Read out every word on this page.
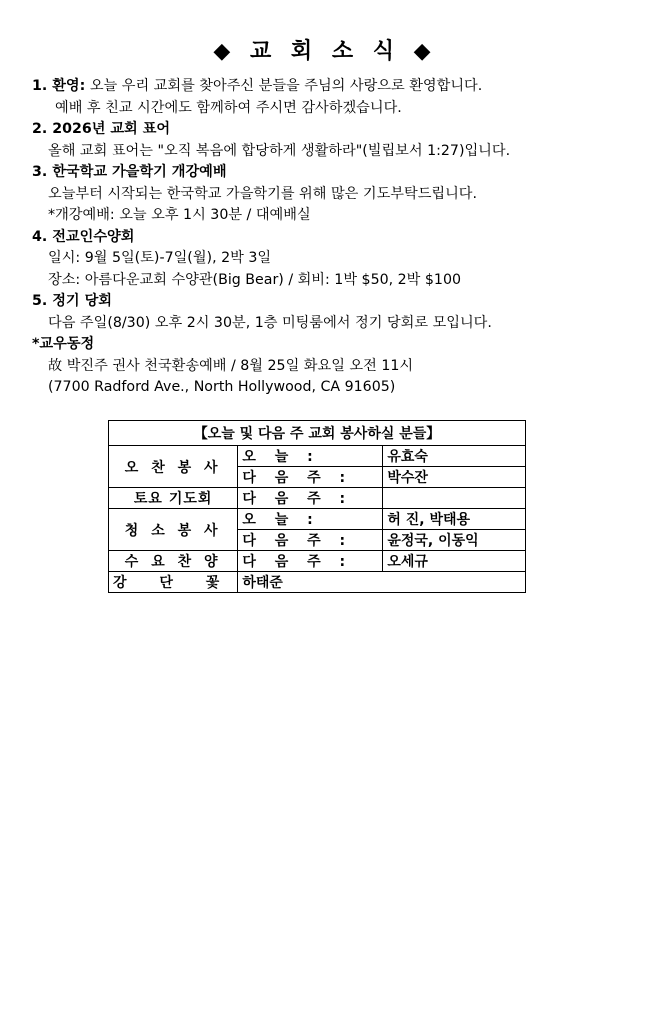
◆ 교 회 소 식 ◆
1. 환영: 오늘 우리 교회를 찾아주신 분들을 주님의 사랑으로 환영합니다.
예배 후 친교 시간에도 함께하여 주시면 감사하겠습니다.
2. 2026년 교회 표어
올해 교회 표어는 "오직 복음에 합당하게 생활하라"(빌립보서 1:27)입니다.
3. 한국학교 가을학기 개강예배
오늘부터 시작되는 한국학교 가을학기를 위해 많은 기도부탁드립니다.
*개강예배: 오늘 오후 1시 30분 / 대예배실
4. 전교인수양회
일시: 9월 5일(토)-7일(월), 2박 3일
장소: 아름다운교회 수양관(Big Bear) / 회비: 1박 $50, 2박 $100
5. 정기 당회
다음 주일(8/30) 오후 2시 30분, 1층 미팅룸에서 정기 당회로 모입니다.
*교우동정
故 박진주 권사 천국환송예배 / 8월 25일 화요일 오전 11시
(7700 Radford Ave., North Hollywood, CA 91605)
【오늘 및 다음 주 교회 봉사하실 분들】		
오 찬 봉 사	오 늘 :	유효숙
	다 음 주 :	박수잔
토요 기도회	다 음 주 :	
청 소 봉 사	오 늘 :	허 진, 박태용
	다 음 주 :	윤정국, 이동익
수 요 찬 양	다 음 주 :	오세규
강 단 꽃	하태준	
